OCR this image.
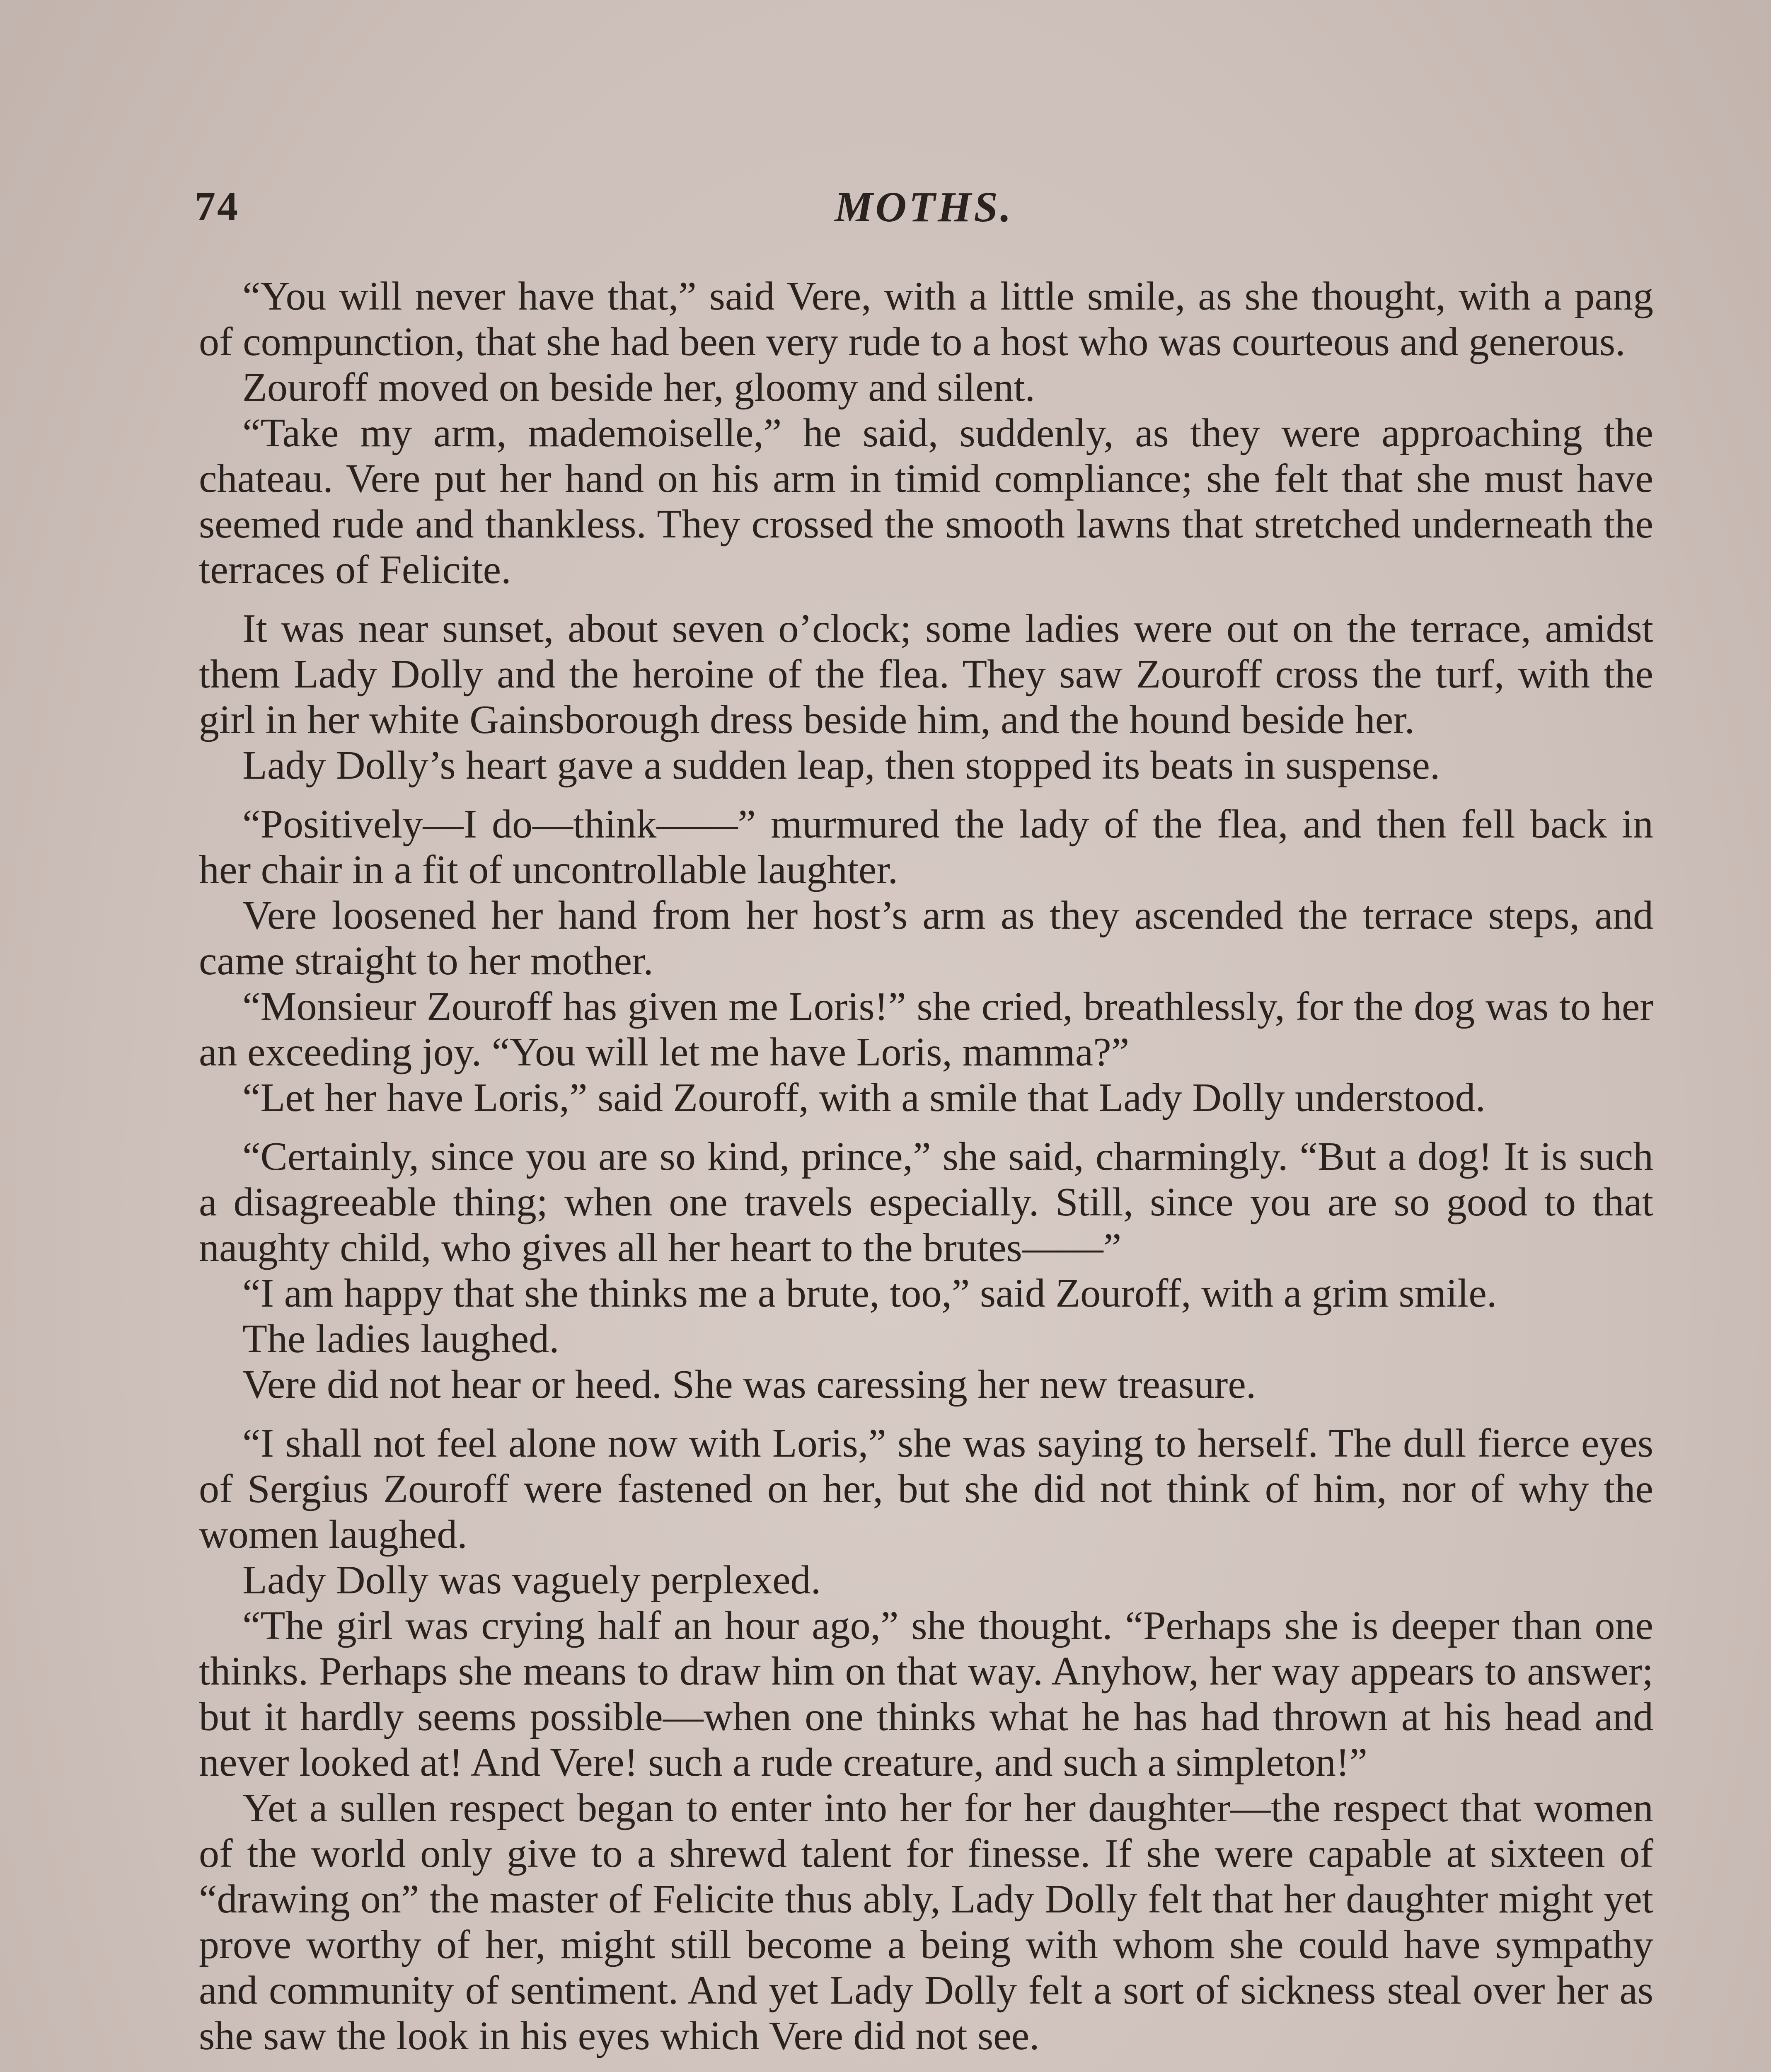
74	MOTHS.

“You will never have that,” said Vere, with a little smile, as she thought, with a pang of compunction, that she had been very rude to a host who was courteous and generous.

Zouroff moved on beside her, gloomy and silent.

“Take my arm, mademoiselle,” he said, suddenly, as they were approaching the chateau. Vere put her hand on his arm in timid compliance; she felt that she must have seemed rude and thankless. They crossed the smooth lawns that stretched underneath the terraces of Felicite.

It was near sunset, about seven o’clock; some ladies were out on the terrace, amidst them Lady Dolly and the heroine of the flea. They saw Zouroff cross the turf, with the girl in her white Gainsborough dress beside him, and the hound beside her.

Lady Dolly’s heart gave a sudden leap, then stopped its beats in suspense.

“Positively—I do—think——” murmured the lady of the flea, and then fell back in her chair in a fit of uncontrollable laughter.

Vere loosened her hand from her host’s arm as they ascended the terrace steps, and came straight to her mother.

“Monsieur Zouroff has given me Loris!” she cried, breathlessly, for the dog was to her an exceeding joy. “You will let me have Loris, mamma?”

“Let her have Loris,” said Zouroff, with a smile that Lady Dolly understood.

“Certainly, since you are so kind, prince,” she said, charmingly. “But a dog! It is such a disagreeable thing; when one travels especially. Still, since you are so good to that naughty child, who gives all her heart to the brutes——”

“I am happy that she thinks me a brute, too,” said Zouroff, with a grim smile.

The ladies laughed.

Vere did not hear or heed. She was caressing her new treasure.

“I shall not feel alone now with Loris,” she was saying to herself. The dull fierce eyes of Sergius Zouroff were fastened on her, but she did not think of him, nor of why the women laughed.

Lady Dolly was vaguely perplexed.

“The girl was crying half an hour ago,” she thought. “Perhaps she is deeper than one thinks. Perhaps she means to draw him on that way. Anyhow, her way appears to answer; but it hardly seems possible—when one thinks what he has had thrown at his head and never looked at! And Vere! such a rude creature, and such a simpleton!”

Yet a sullen respect began to enter into her for her daughter—the respect that women of the world only give to a shrewd talent for finesse. If she were capable at sixteen of “drawing on” the master of Felicite thus ably, Lady Dolly felt that her daughter might yet prove worthy of her, might still become a being with whom she could have sympathy and community of sentiment. And yet Lady Dolly felt a sort of sickness steal over her as she saw the look in his eyes which Vere did not see.
